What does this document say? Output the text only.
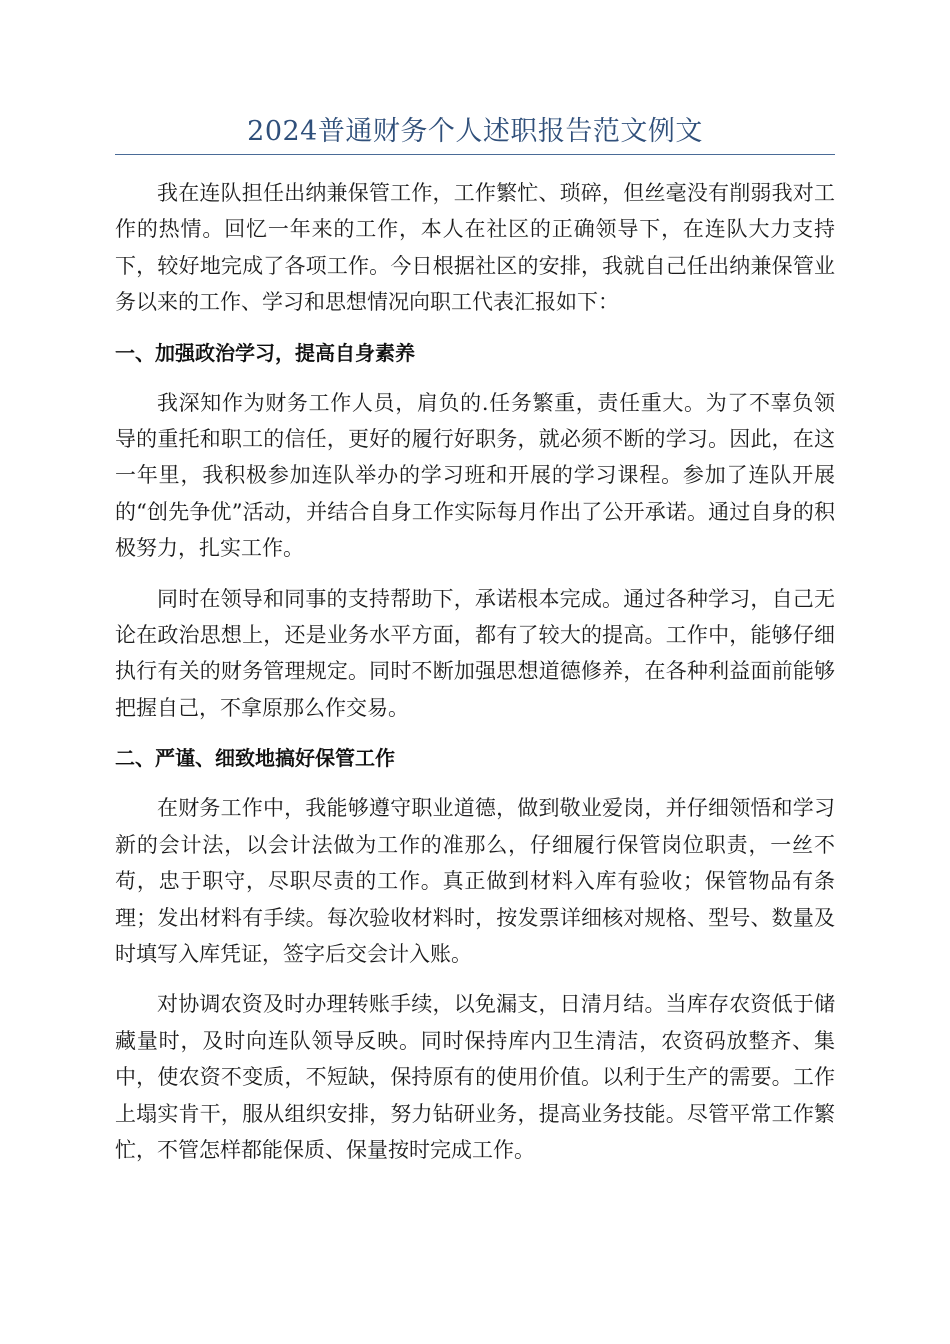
2024普通财务个人述职报告范文例文

我在连队担任出纳兼保管工作，工作繁忙、琐碎，但丝毫没有削弱我对工作的热情。回忆一年来的工作，本人在社区的正确领导下，在连队大力支持下，较好地完成了各项工作。今日根据社区的安排，我就自己任出纳兼保管业务以来的工作、学习和思想情况向职工代表汇报如下：

一、加强政治学习，提高自身素养

我深知作为财务工作人员，肩负的.任务繁重，责任重大。为了不辜负领导的重托和职工的信任，更好的履行好职务，就必须不断的学习。因此，在这一年里，我积极参加连队举办的学习班和开展的学习课程。参加了连队开展的“创先争优”活动，并结合自身工作实际每月作出了公开承诺。通过自身的积极努力，扎实工作。

同时在领导和同事的支持帮助下，承诺根本完成。通过各种学习，自己无论在政治思想上，还是业务水平方面，都有了较大的提高。工作中，能够仔细执行有关的财务管理规定。同时不断加强思想道德修养，在各种利益面前能够把握自己，不拿原那么作交易。

二、严谨、细致地搞好保管工作

在财务工作中，我能够遵守职业道德，做到敬业爱岗，并仔细领悟和学习新的会计法，以会计法做为工作的准那么，仔细履行保管岗位职责，一丝不苟，忠于职守，尽职尽责的工作。真正做到材料入库有验收；保管物品有条理；发出材料有手续。每次验收材料时，按发票详细核对规格、型号、数量及时填写入库凭证，签字后交会计入账。

对协调农资及时办理转账手续，以免漏支，日清月结。当库存农资低于储藏量时，及时向连队领导反映。同时保持库内卫生清洁，农资码放整齐、集中，使农资不变质，不短缺，保持原有的使用价值。以利于生产的需要。工作上塌实肯干，服从组织安排，努力钻研业务，提高业务技能。尽管平常工作繁忙，不管怎样都能保质、保量按时完成工作。
